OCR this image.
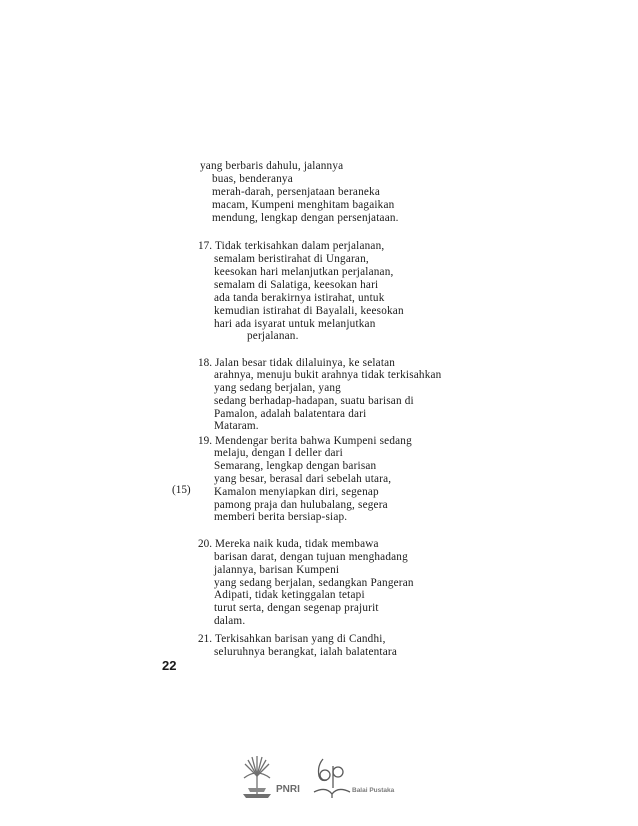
yang berbaris dahulu, jalannya
buas, benderanya
merah-darah, persenjataan beraneka
macam, Kumpeni menghitam bagaikan
mendung, lengkap dengan persenjataan.
17. Tidak terkisahkan dalam perjalanan,
semalam beristirahat di Ungaran,
keesokan hari melanjutkan perjalanan,
semalam di Salatiga, keesokan hari
ada tanda berakirnya istirahat, untuk
kemudian istirahat di Bayalali, keesokan
hari ada isyarat untuk melanjutkan
perjalanan.
18. Jalan besar tidak dilaluinya, ke selatan
arahnya, menuju bukit arahnya tidak terkisahkan
yang sedang berjalan, yang
sedang berhadap-hadapan, suatu barisan di
Pamalon, adalah balatentara dari
Mataram.
19. Mendengar berita bahwa Kumpeni sedang
melaju, dengan I deller dari
Semarang, lengkap dengan barisan
yang besar, berasal dari sebelah utara,
Kamalon menyiapkan diri, segenap
pamong praja dan hulubalang, segera
memberi berita bersiap-siap.
20. Mereka naik kuda, tidak membawa
barisan darat, dengan tujuan menghadang
jalannya, barisan Kumpeni
yang sedang berjalan, sedangkan Pangeran
Adipati, tidak ketinggalan tetapi
turut serta, dengan segenap prajurit
dalam.
21. Terkisahkan barisan yang di Candhi,
seluruhnya berangkat, ialah balatentara
(15)
22
PNRI	Balai Pustaka
